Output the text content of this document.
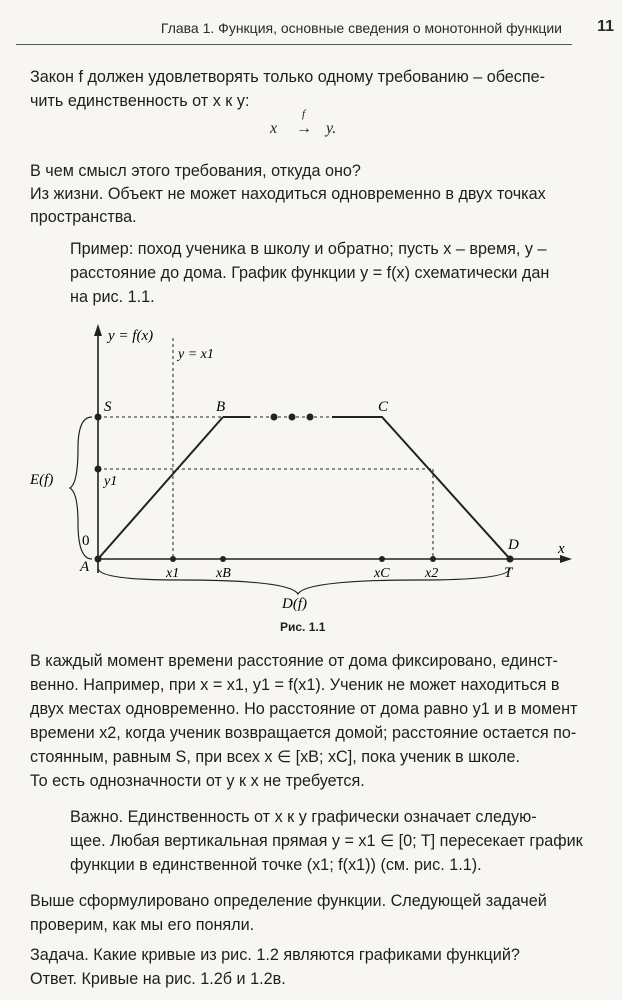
Глава 1. Функция, основные сведения о монотонной функции 11
Закон f должен удовлетворять только одному требованию – обеспе-
чить единственность от x к y:
x
f
→ y.
В чем смысл этого требования, откуда оно?
Из жизни. Объект не может находиться одновременно в двух точках
пространства.
Пример: поход ученика в школу и обратно; пусть x – время, y –
расстояние до дома. График функции y = f(x) схематически дан
на рис. 1.1.
y = f(x)
y = x1
S	B	C
E(f)	y1
0
A	x1	xB	xC	x2	T
D	x
D(f)
Рис. 1.1
В каждый момент времени расстояние от дома фиксировано, единст-
венно. Например, при x = x1, y1 = f(x1). Ученик не может находиться в
двух местах одновременно. Но расстояние от дома равно y1 и в момент
времени x2, когда ученик возвращается домой; расстояние остается по-
стоянным, равным S, при всех x ∈ [xB; xC], пока ученик в школе.
То есть однозначности от y к x не требуется.
Важно. Единственность от x к y графически означает следую-
щее. Любая вертикальная прямая y = x1 ∈ [0; T] пересекает график
функции в единственной точке (x1; f(x1)) (см. рис. 1.1).
Выше сформулировано определение функции. Следующей задачей
проверим, как мы его поняли.
Задача. Какие кривые из рис. 1.2 являются графиками функций?
Ответ. Кривые на рис. 1.2б и 1.2в.
